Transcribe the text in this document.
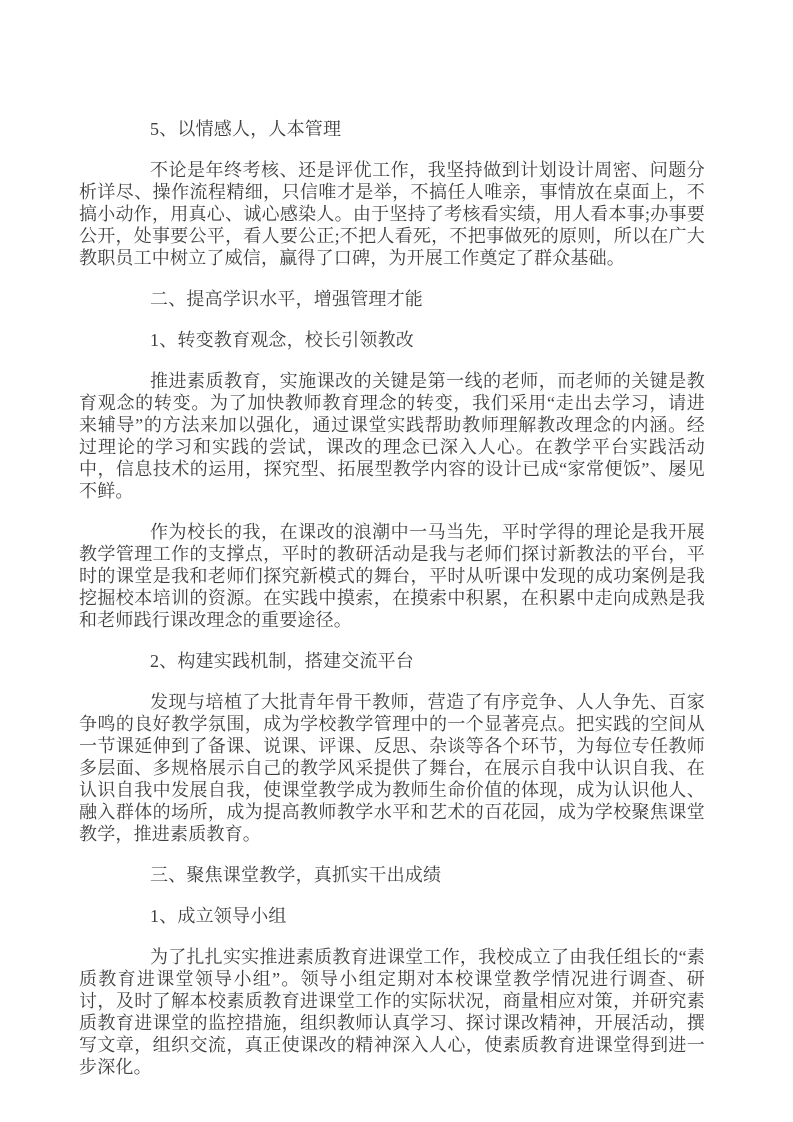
5、以情感人，人本管理

不论是年终考核、还是评优工作，我坚持做到计划设计周密、问题分析详尽、操作流程精细，只信唯才是举，不搞任人唯亲，事情放在桌面上，不搞小动作，用真心、诚心感染人。由于坚持了考核看实绩，用人看本事;办事要公开，处事要公平，看人要公正;不把人看死，不把事做死的原则，所以在广大教职员工中树立了威信，赢得了口碑，为开展工作奠定了群众基础。

二、提高学识水平，增强管理才能

1、转变教育观念，校长引领教改

推进素质教育，实施课改的关键是第一线的老师，而老师的关键是教育观念的转变。为了加快教师教育理念的转变，我们采用“走出去学习，请进来辅导”的方法来加以强化，通过课堂实践帮助教师理解教改理念的内涵。经过理论的学习和实践的尝试，课改的理念已深入人心。在教学平台实践活动中，信息技术的运用，探究型、拓展型教学内容的设计已成“家常便饭”、屡见不鲜。

作为校长的我，在课改的浪潮中一马当先，平时学得的理论是我开展教学管理工作的支撑点，平时的教研活动是我与老师们探讨新教法的平台，平时的课堂是我和老师们探究新模式的舞台，平时从听课中发现的成功案例是我挖掘校本培训的资源。在实践中摸索，在摸索中积累，在积累中走向成熟是我和老师践行课改理念的重要途径。

2、构建实践机制，搭建交流平台

发现与培植了大批青年骨干教师，营造了有序竞争、人人争先、百家争鸣的良好教学氛围，成为学校教学管理中的一个显著亮点。把实践的空间从一节课延伸到了备课、说课、评课、反思、杂谈等各个环节，为每位专任教师多层面、多规格展示自己的教学风采提供了舞台，在展示自我中认识自我、在认识自我中发展自我，使课堂教学成为教师生命价值的体现，成为认识他人、融入群体的场所，成为提高教师教学水平和艺术的百花园，成为学校聚焦课堂教学，推进素质教育。

三、聚焦课堂教学，真抓实干出成绩

1、成立领导小组

为了扎扎实实推进素质教育进课堂工作，我校成立了由我任组长的“素质教育进课堂领导小组”。领导小组定期对本校课堂教学情况进行调查、研讨，及时了解本校素质教育进课堂工作的实际状况，商量相应对策，并研究素质教育进课堂的监控措施，组织教师认真学习、探讨课改精神，开展活动，撰写文章，组织交流，真正使课改的精神深入人心，使素质教育进课堂得到进一步深化。
